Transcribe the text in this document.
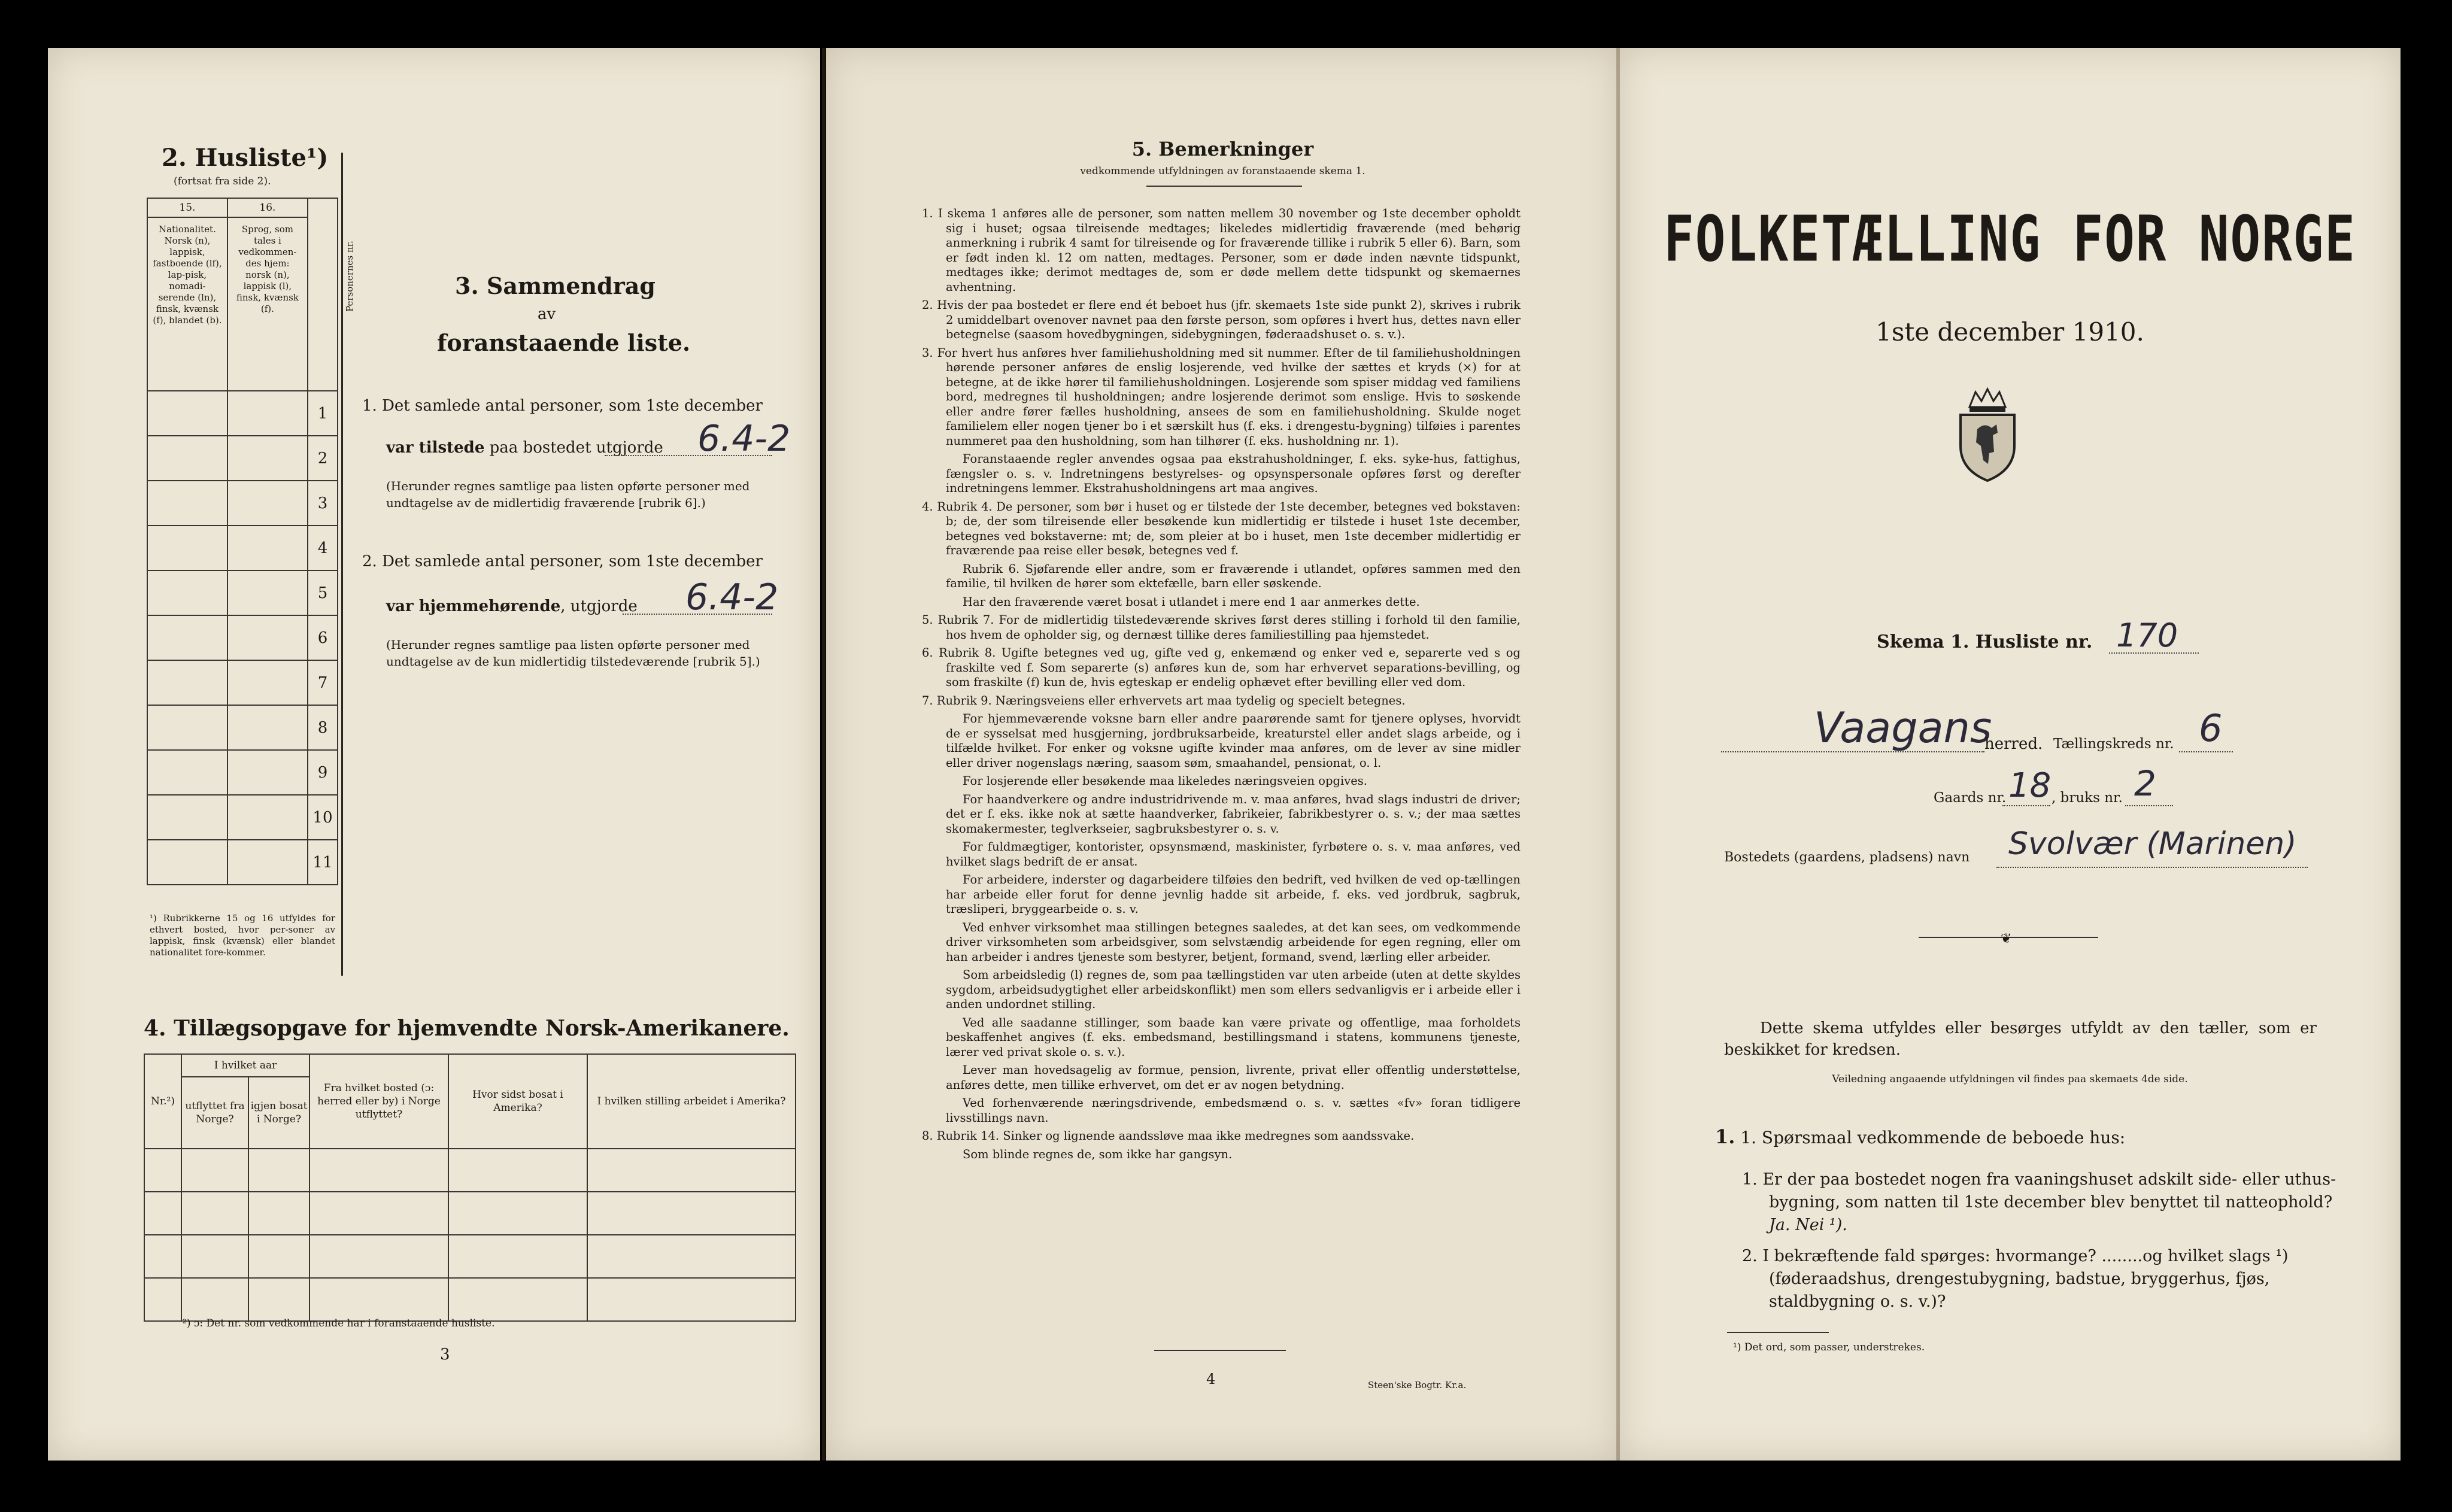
2. Husliste¹)
(fortsat fra side 2).
15.	16.	Personernes nr.

Nationalitet. Norsk (n), lappisk, fastboende (lf), lap-pisk, nomadi-serende (ln), finsk, kvænsk (f), blandet (b).	Sprog, som tales i vedkommen-des hjem: norsk (n), lappisk (l), finsk, kvænsk (f).	
		1
		2
		3
		4
		5
		6
		7
		8
		9
		10
		11
¹) Rubrikkerne 15 og 16 utfyldes for ethvert bosted, hvor per-soner av lappisk, finsk (kvænsk) eller blandet nationalitet fore-kommer.
3. Sammendrag
av
foranstaaende liste.
1. Det samlede antal personer, som 1ste december
var tilstede paa bostedet utgjorde 6.4-2
(Herunder regnes samtlige paa listen opførte personer med undtagelse av de midlertidig fraværende [rubrik 6].)
2. Det samlede antal personer, som 1ste december
var hjemmehørende, utgjorde 6.4-2
(Herunder regnes samtlige paa listen opførte personer med undtagelse av de kun midlertidig tilstedeværende [rubrik 5].)
4. Tillægsopgave for hjemvendte Norsk-Amerikanere.
Nr.²)	I hvilket aar		Fra hvilket bosted (ɔ: herred eller by) i Norge utflyttet?	Hvor sidst bosat i Amerika?	I hvilken stilling arbeidet i Amerika?
	utflyttet fra Norge?	igjen bosat i Norge?			

²) ɔ: Det nr. som vedkommende har i foranstaaende husliste.
3
5. Bemerkninger
vedkommende utfyldningen av foranstaaende skema 1.

1. I skema 1 anføres alle de personer, som natten mellem 30 november og 1ste december opholdt sig i huset; ogsaa tilreisende medtages; likeledes midlertidig fraværende (med behørig anmerkning i rubrik 4 samt for tilreisende og for fraværende tillike i rubrik 5 eller 6). Barn, som er født inden kl. 12 om natten, medtages. Personer, som er døde inden nævnte tidspunkt, medtages ikke; derimot medtages de, som er døde mellem dette tidspunkt og skemaernes avhentning.

2. Hvis der paa bostedet er flere end ét beboet hus (jfr. skemaets 1ste side punkt 2), skrives i rubrik 2 umiddelbart ovenover navnet paa den første person, som opføres i hvert hus, dettes navn eller betegnelse (saasom hovedbygningen, sidebygningen, føderaadshuset o. s. v.).

3. For hvert hus anføres hver familiehusholdning med sit nummer. Efter de til familiehusholdningen hørende personer anføres de enslig losjerende, ved hvilke der sættes et kryds (×) for at betegne, at de ikke hører til familiehusholdningen. Losjerende som spiser middag ved familiens bord, medregnes til husholdningen; andre losjerende derimot som enslige. Hvis to søskende eller andre fører fælles husholdning, ansees de som en familiehusholdning. Skulde noget familielem eller nogen tjener bo i et særskilt hus (f. eks. i drengestu-bygning) tilføies i parentes nummeret paa den husholdning, som han tilhører (f. eks. husholdning nr. 1).

Foranstaaende regler anvendes ogsaa paa ekstrahusholdninger, f. eks. syke-hus, fattighus, fængsler o. s. v. Indretningens bestyrelses- og opsynspersonale opføres først og derefter indretningens lemmer. Ekstrahusholdningens art maa angives.

4. Rubrik 4. De personer, som bør i huset og er tilstede der 1ste december, betegnes ved bokstaven: b; de, der som tilreisende eller besøkende kun midlertidig er tilstede i huset 1ste december, betegnes ved bokstaverne: mt; de, som pleier at bo i huset, men 1ste december midlertidig er fraværende paa reise eller besøk, betegnes ved f.

Rubrik 6. Sjøfarende eller andre, som er fraværende i utlandet, opføres sammen med den familie, til hvilken de hører som ektefælle, barn eller søskende.

Har den fraværende været bosat i utlandet i mere end 1 aar anmerkes dette.

5. Rubrik 7. For de midlertidig tilstedeværende skrives først deres stilling i forhold til den familie, hos hvem de opholder sig, og dernæst tillike deres familiestilling paa hjemstedet.

6. Rubrik 8. Ugifte betegnes ved ug, gifte ved g, enkemænd og enker ved e, separerte ved s og fraskilte ved f. Som separerte (s) anføres kun de, som har erhvervet separations-bevilling, og som fraskilte (f) kun de, hvis egteskap er endelig ophævet efter bevilling eller ved dom.

7. Rubrik 9. Næringsveiens eller erhvervets art maa tydelig og specielt betegnes.

For hjemmeværende voksne barn eller andre paarørende samt for tjenere oplyses, hvorvidt de er sysselsat med husgjerning, jordbruksarbeide, kreaturstel eller andet slags arbeide, og i tilfælde hvilket. For enker og voksne ugifte kvinder maa anføres, om de lever av sine midler eller driver nogenslags næring, saasom søm, smaahandel, pensionat, o. l.

For losjerende eller besøkende maa likeledes næringsveien opgives.

For haandverkere og andre industridrivende m. v. maa anføres, hvad slags industri de driver; det er f. eks. ikke nok at sætte haandverker, fabrikeier, fabrikbestyrer o. s. v.; der maa sættes skomakermester, teglverkseier, sagbruksbestyrer o. s. v.

For fuldmægtiger, kontorister, opsynsmænd, maskinister, fyrbøtere o. s. v. maa anføres, ved hvilket slags bedrift de er ansat.

For arbeidere, inderster og dagarbeidere tilføies den bedrift, ved hvilken de ved op-tællingen har arbeide eller forut for denne jevnlig hadde sit arbeide, f. eks. ved jordbruk, sagbruk, træsliperi, bryggearbeide o. s. v.

Ved enhver virksomhet maa stillingen betegnes saaledes, at det kan sees, om vedkommende driver virksomheten som arbeidsgiver, som selvstændig arbeidende for egen regning, eller om han arbeider i andres tjeneste som bestyrer, betjent, formand, svend, lærling eller arbeider.

Som arbeidsledig (l) regnes de, som paa tællingstiden var uten arbeide (uten at dette skyldes sygdom, arbeidsudygtighet eller arbeidskonflikt) men som ellers sedvanligvis er i arbeide eller i anden undordnet stilling.

Ved alle saadanne stillinger, som baade kan være private og offentlige, maa forholdets beskaffenhet angives (f. eks. embedsmand, bestillingsmand i statens, kommunens tjeneste, lærer ved privat skole o. s. v.).

Lever man hovedsagelig av formue, pension, livrente, privat eller offentlig understøttelse, anføres dette, men tillike erhvervet, om det er av nogen betydning.

Ved forhenværende næringsdrivende, embedsmænd o. s. v. sættes «fv» foran tidligere livsstillings navn.

8. Rubrik 14. Sinker og lignende aandssløve maa ikke medregnes som aandssvake.

Som blinde regnes de, som ikke har gangsyn.

4	Steen'ske Bogtr. Kr.a.
FOLKETÆLLING FOR NORGE
1ste december 1910.
Skema 1. Husliste nr. 170
Vaagans
herred. Tællingskreds nr. 6
Gaards nr. 18 , bruks nr. 2
Bostedets (gaardens, pladsens) navn Svolvær (Marinen)
❦
Dette skema utfyldes eller besørges utfyldt av den tæller, som er beskikket for kredsen.
Veiledning angaaende utfyldningen vil findes paa skemaets 4de side.
1. 1. Spørsmaal vedkommende de beboede hus:
1. Er der paa bostedet nogen fra vaaningshuset adskilt side- eller uthus-bygning, som natten til 1ste december blev benyttet til natteophold? Ja. Nei ¹).
2. I bekræftende fald spørges: hvormange? ........og hvilket slags ¹) (føderaadshus, drengestubygning, badstue, bryggerhus, fjøs, staldbygning o. s. v.)?
¹) Det ord, som passer, understrekes.
